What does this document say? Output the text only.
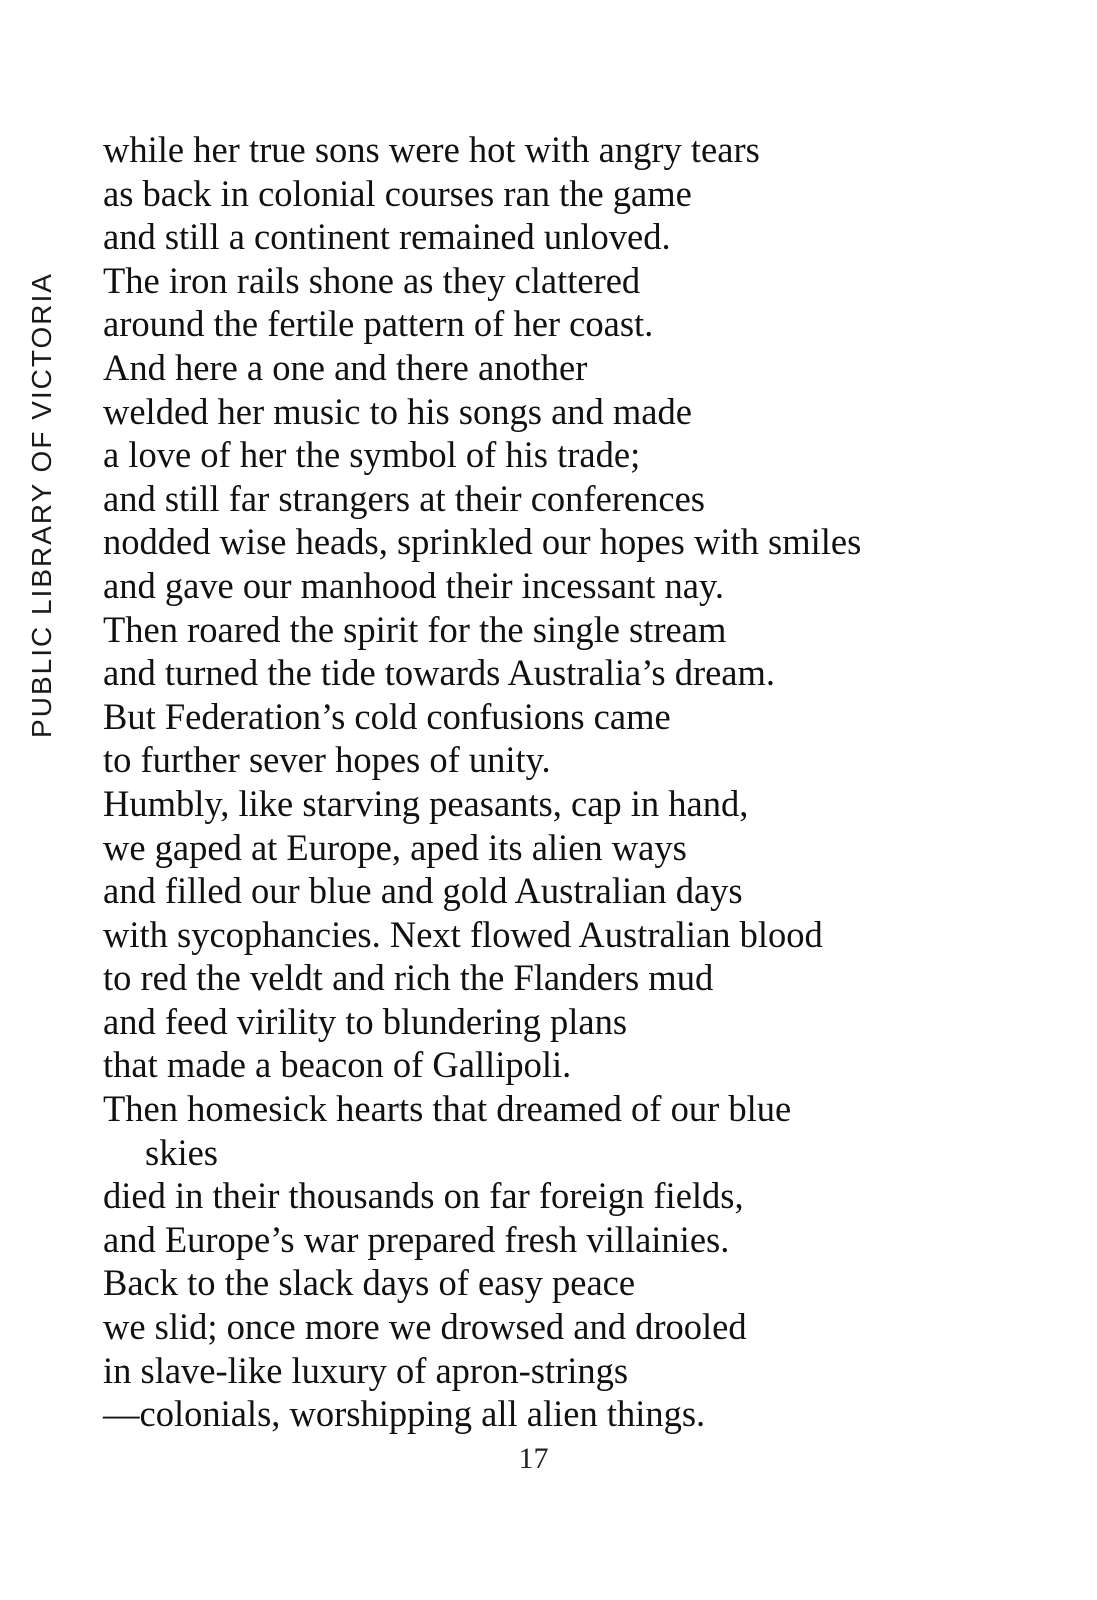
PUBLIC LIBRARY OF VICTORIA
while her true sons were hot with angry tears
as back in colonial courses ran the game
and still a continent remained unloved.
The iron rails shone as they clattered
around the fertile pattern of her coast.
And here a one and there another
welded her music to his songs and made
a love of her the symbol of his trade;
and still far strangers at their conferences
nodded wise heads, sprinkled our hopes with smiles
and gave our manhood their incessant nay.
Then roared the spirit for the single stream
and turned the tide towards Australia’s dream.
But Federation’s cold confusions came
to further sever hopes of unity.
Humbly, like starving peasants, cap in hand,
we gaped at Europe, aped its alien ways
and filled our blue and gold Australian days
with sycophancies. Next flowed Australian blood
to red the veldt and rich the Flanders mud
and feed virility to blundering plans
that made a beacon of Gallipoli.
Then homesick hearts that dreamed of our blue
skies
died in their thousands on far foreign fields,
and Europe’s war prepared fresh villainies.
Back to the slack days of easy peace
we slid; once more we drowsed and drooled
in slave-like luxury of apron-strings
—colonials, worshipping all alien things.
17
